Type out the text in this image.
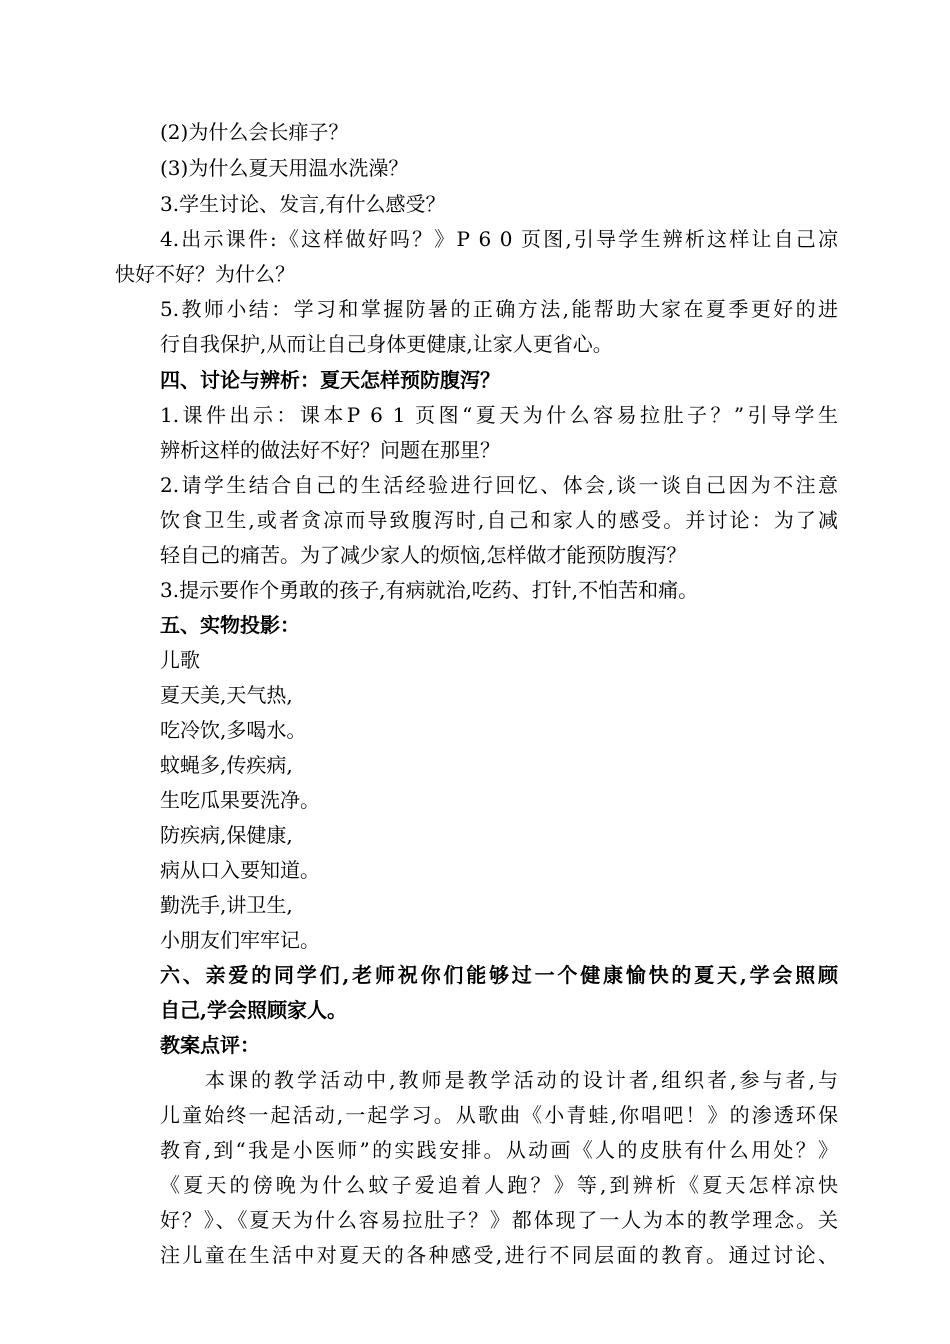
(2)为什么会长痱子？
(3)为什么夏天用温水洗澡？
3.学生讨论、发言,有什么感受？
4.出示课件:《这样做好吗？》P 6 0 页图,引导学生辨析这样让自己凉
快好不好？为什么？
5.教师小结：学习和掌握防暑的正确方法,能帮助大家在夏季更好的进
行自我保护,从而让自己身体更健康,让家人更省心。
四、讨论与辨析：夏天怎样预防腹泻？
1.课件出示：课本P 6 1 页图“夏天为什么容易拉肚子？”引导学生
辨析这样的做法好不好？问题在那里？
2.请学生结合自己的生活经验进行回忆、体会,谈一谈自己因为不注意
饮食卫生,或者贪凉而导致腹泻时,自己和家人的感受。并讨论：为了减
轻自己的痛苦。为了减少家人的烦恼,怎样做才能预防腹泻？
3.提示要作个勇敢的孩子,有病就治,吃药、打针,不怕苦和痛。
五、实物投影：
儿歌
夏天美,天气热,
吃冷饮,多喝水。
蚊蝇多,传疾病,
生吃瓜果要洗净。
防疾病,保健康,
病从口入要知道。
勤洗手,讲卫生,
小朋友们牢牢记。
六、亲爱的同学们,老师祝你们能够过一个健康愉快的夏天,学会照顾
自己,学会照顾家人。
教案点评：
本课的教学活动中,教师是教学活动的设计者,组织者,参与者,与
儿童始终一起活动,一起学习。从歌曲《小青蛙,你唱吧！》的渗透环保
教育,到“我是小医师”的实践安排。从动画《人的皮肤有什么用处？》
《夏天的傍晚为什么蚊子爱追着人跑？》等,到辨析《夏天怎样凉快
好？》、《夏天为什么容易拉肚子？》都体现了一人为本的教学理念。关
注儿童在生活中对夏天的各种感受,进行不同层面的教育。通过讨论、
